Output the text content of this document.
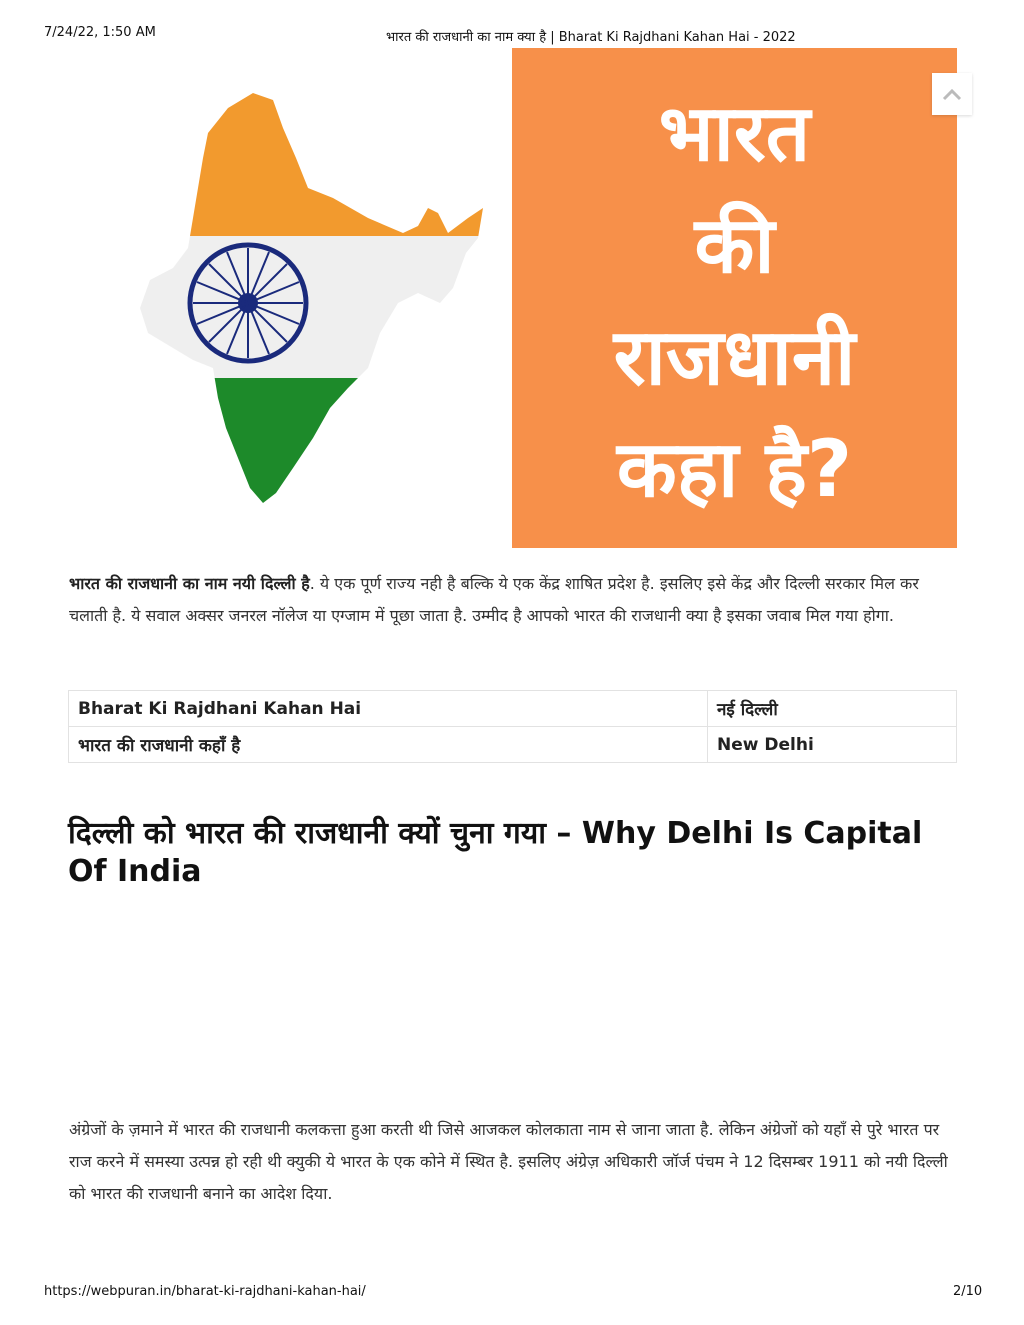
7/24/22, 1:50 AM	भारत की राजधानी का नाम क्या है | Bharat Ki Rajdhani Kahan Hai - 2022
भारत
की
राजधानी
कहा है?

भारत की राजधानी का नाम नयी दिल्ली है. ये एक पूर्ण राज्य नही है बल्कि ये एक केंद्र शाषित प्रदेश है. इसलिए इसे केंद्र और दिल्ली सरकार मिल कर चलाती है. ये सवाल अक्सर जनरल नॉलेज या एग्जाम में पूछा जाता है. उम्मीद है आपको भारत की राजधानी क्या है इसका जवाब मिल गया होगा.

Bharat Ki Rajdhani Kahan Hai	नई दिल्ली
भारत की राजधानी कहाँ है	New Delhi
दिल्ली को भारत की राजधानी क्यों चुना गया – Why Delhi Is Capital Of India

अंग्रेजों के ज़माने में भारत की राजधानी कलकत्ता हुआ करती थी जिसे आजकल कोलकाता नाम से जाना जाता है. लेकिन अंग्रेजों को यहाँ से पुरे भारत पर राज करने में समस्या उत्पन्न हो रही थी क्युकी ये भारत के एक कोने में स्थित है. इसलिए अंग्रेज़ अधिकारी जॉर्ज पंचम ने 12 दिसम्बर 1911 को नयी दिल्ली को भारत की राजधानी बनाने का आदेश दिया.

https://webpuran.in/bharat-ki-rajdhani-kahan-hai/	2/10
